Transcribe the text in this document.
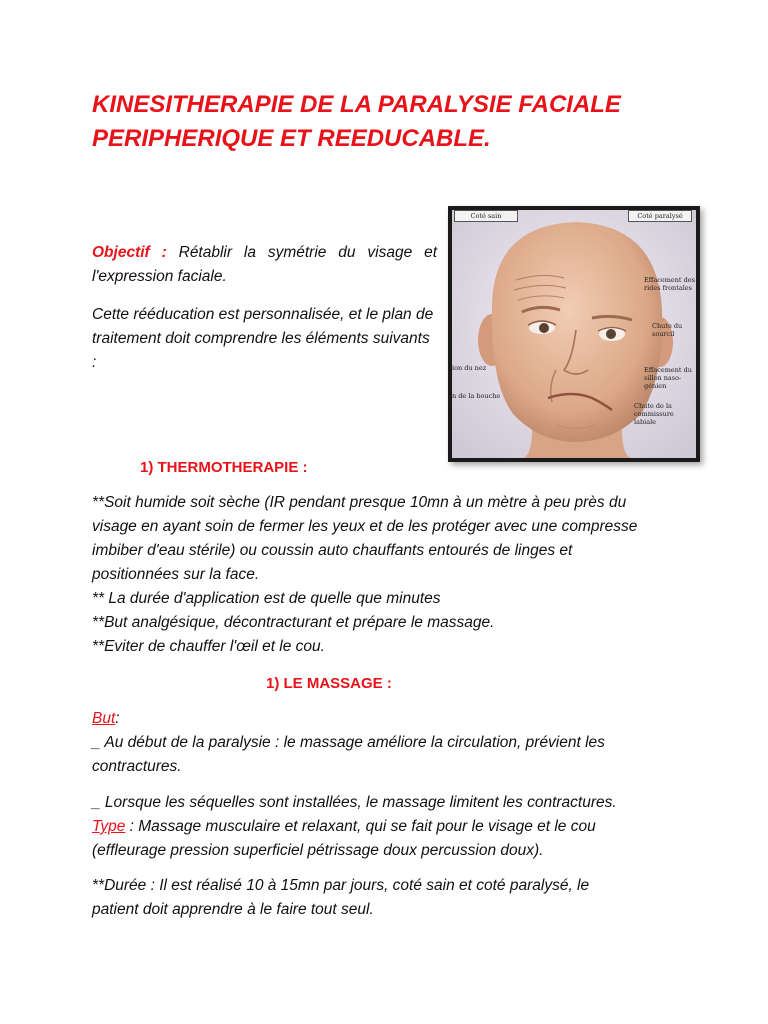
KINESITHERAPIE DE LA PARALYSIE FACIALE
PERIPHERIQUE ET REEDUCABLE.

Objectif : Rétablir la symétrie du visage et l'expression faciale.

Cette rééducation est personnalisée, et le plan de traitement doit comprendre les éléments suivants :

Coté sain	Coté paralysé
Effacement des rides frontales
Chute du sourcil
Effacement du sillon naso-génien
Chute de la commissure labiale
ion du nez
n de la bouche

1) THERMOTHERAPIE :

**Soit humide soit sèche (IR pendant presque 10mn à un mètre à peu près du
visage en ayant soin de fermer les yeux et de les protéger avec une compresse
imbiber d'eau stérile) ou coussin auto chauffants entourés de linges et
positionnées sur la face.
** La durée d'application est de quelle que minutes
**But analgésique, décontracturant et prépare le massage.
**Eviter de chauffer l'œil et le cou.

1) LE MASSAGE :

But:
_ Au début de la paralysie : le massage améliore la circulation, prévient les
contractures.
_ Lorsque les séquelles sont installées, le massage limitent les contractures.
Type : Massage musculaire et relaxant, qui se fait pour le visage et le cou
(effleurage pression superficiel pétrissage doux percussion doux).
**Durée : Il est réalisé 10 à 15mn par jours, coté sain et coté paralysé, le
patient doit apprendre à le faire tout seul.
